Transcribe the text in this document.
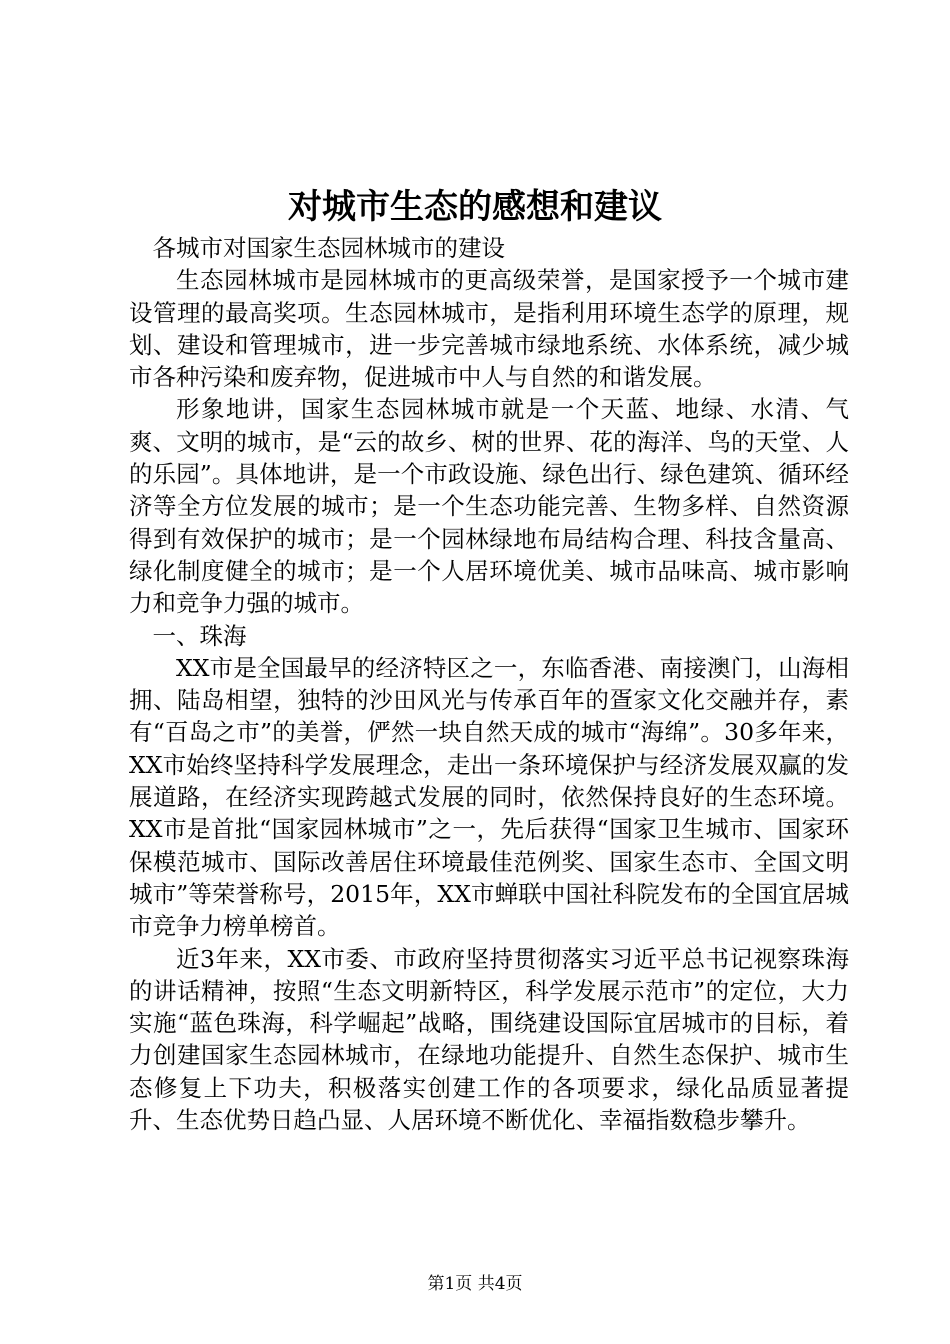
对城市生态的感想和建议

各城市对国家生态园林城市的建设

生态园林城市是园林城市的更高级荣誉，是国家授予一个城市建设管理的最高奖项。生态园林城市，是指利用环境生态学的原理，规划、建设和管理城市，进一步完善城市绿地系统、水体系统，减少城市各种污染和废弃物，促进城市中人与自然的和谐发展。

形象地讲，国家生态园林城市就是一个天蓝、地绿、水清、气爽、文明的城市，是“云的故乡、树的世界、花的海洋、鸟的天堂、人的乐园”。具体地讲，是一个市政设施、绿色出行、绿色建筑、循环经济等全方位发展的城市；是一个生态功能完善、生物多样、自然资源得到有效保护的城市；是一个园林绿地布局结构合理、科技含量高、绿化制度健全的城市；是一个人居环境优美、城市品味高、城市影响力和竞争力强的城市。

一、珠海

XX市是全国最早的经济特区之一，东临香港、南接澳门，山海相拥、陆岛相望，独特的沙田风光与传承百年的疍家文化交融并存，素有“百岛之市”的美誉，俨然一块自然天成的城市“海绵”。30多年来，XX市始终坚持科学发展理念，走出一条环境保护与经济发展双赢的发展道路，在经济实现跨越式发展的同时，依然保持良好的生态环境。XX市是首批“国家园林城市”之一，先后获得“国家卫生城市、国家环保模范城市、国际改善居住环境最佳范例奖、国家生态市、全国文明城市”等荣誉称号，2015年，XX市蝉联中国社科院发布的全国宜居城市竞争力榜单榜首。

近3年来，XX市委、市政府坚持贯彻落实习近平总书记视察珠海的讲话精神，按照“生态文明新特区，科学发展示范市”的定位，大力实施“蓝色珠海，科学崛起”战略，围绕建设国际宜居城市的目标，着力创建国家生态园林城市，在绿地功能提升、自然生态保护、城市生态修复上下功夫，积极落实创建工作的各项要求，绿化品质显著提升、生态优势日趋凸显、人居环境不断优化、幸福指数稳步攀升。

第1页 共4页
